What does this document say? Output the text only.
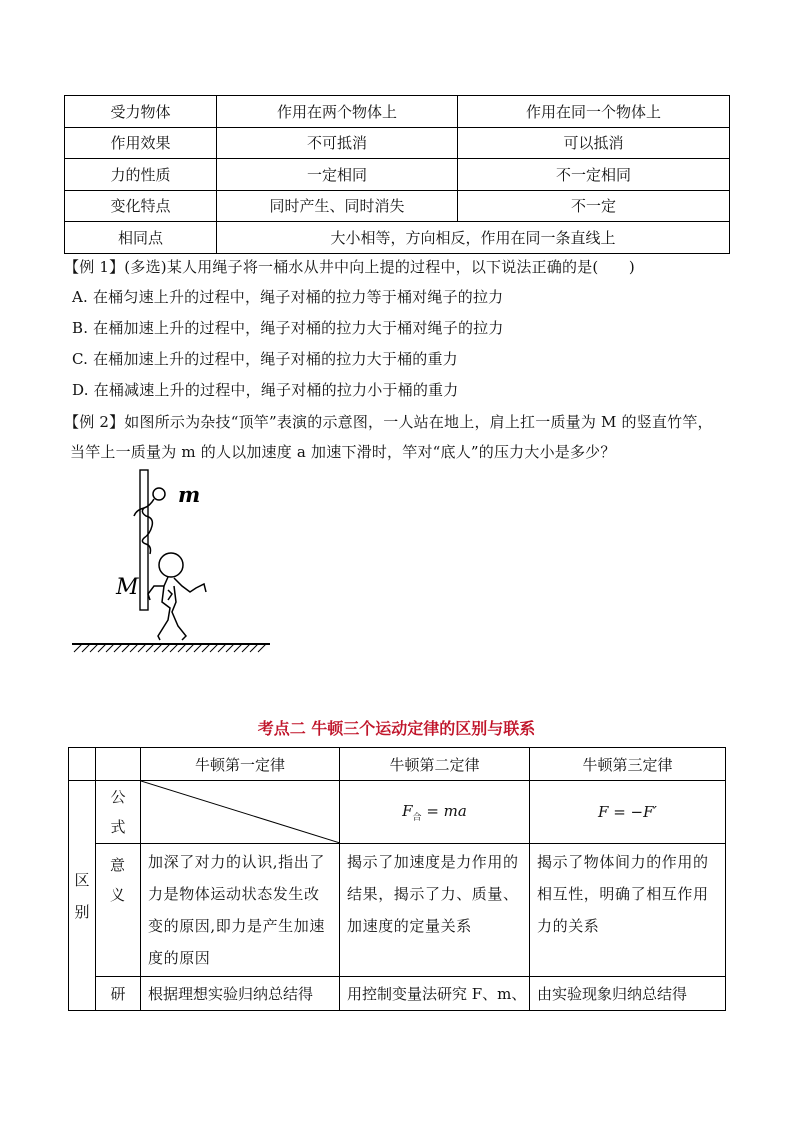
受力物体	作用在两个物体上	作用在同一个物体上
作用效果	不可抵消	可以抵消
力的性质	一定相同	不一定相同
变化特点	同时产生、同时消失	不一定
相同点	大小相等，方向相反，作用在同一条直线上	
【例 1】(多选)某人用绳子将一桶水从井中向上提的过程中，以下说法正确的是(　　)
A. 在桶匀速上升的过程中，绳子对桶的拉力等于桶对绳子的拉力
B. 在桶加速上升的过程中，绳子对桶的拉力大于桶对绳子的拉力
C. 在桶加速上升的过程中，绳子对桶的拉力大于桶的重力
D. 在桶减速上升的过程中，绳子对桶的拉力小于桶的重力
【例 2】如图所示为杂技“顶竿”表演的示意图，一人站在地上，肩上扛一质量为 M 的竖直竹竿，
当竿上一质量为 m 的人以加速度 a 加速下滑时，竿对“底人”的压力大小是多少？
m
M
考点二 牛顿三个运动定律的区别与联系
		牛顿第一定律	牛顿第二定律	牛顿第三定律

区别	公式		$F_合$ = ma	F = −F′

	意义	加深了对力的认识,指出了力是物体运动状态发生改变的原因,即力是产生加速度的原因	揭示了加速度是力作用的结果，揭示了力、质量、加速度的定量关系	揭示了物体间力的作用的相互性，明确了相互作用力的关系
	研	根据理想实验归纳总结得	用控制变量法研究 F、m、	由实验现象归纳总结得
